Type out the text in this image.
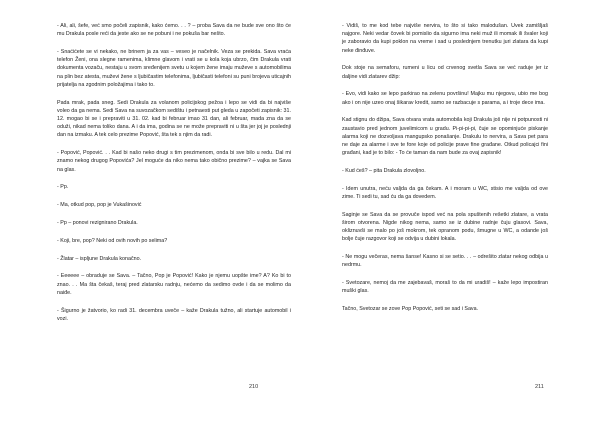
- Ali, ali, šefe, već smo počeli zapisnik, kako ćemo. . . ? – proba Sava da ne bude sve ono što će mu Drakula posle reći da jeste ako se ne pobuni i ne pokuša bar nešto.

- Snaćićete se vi nekako, ne brinem ja za vas – veseo je načelnik. Veza se prekida. Sava vraća telefon Ženi, ona slegne ramenima, klimne glavom i vrati se u kola koja ubrzo, čim Drakula vrati dokumenta vozaču, nestaju u svom sređenijem svetu u kojem žene imaju muževe s automobilima na plin bez atesta, muževi žene s ljubičastim telefonima, ljubičasti telefoni su puni brojeva uticajnih prijatelja na zgodnim položajima i tako to.

Pada mrak, pada sneg. Sedi Drakula za volanom policijskog pežoa i lepo se vidi da bi najviše voleo da ga nema. Sedi Sava na suvozačkom sedištu i petnaesti put gleda u započeti zapisnik: 31. 12. mogao bi se i prepraviti u 31. 02. kad bi februar imao 31 dan, ali februar, mada zna da se oduži, nikad nema toliko dana. A i da ima, godina se ne može prepraviti ni u šta jer joj je poslednji dan na izmaku. A tek celo prezime Popović, šta tek s njim da radi.

- Popović, Popović. . . Kad bi našo neko drugi s tim prezimenom, onda bi sve bilo u redu. Dal mi znamo nekog drugog Popovića? Jel moguće da niko nema tako obično prezime? – vajka se Sava na glas.

- Pp.

- Ma, otkud pop, pop je Vukašinović

- Pp – ponovi rezignirano Drakula.

- Koji, bre, pop? Neki od ovih novih po selima?

- Žlatar – ispljune Drakula konačno.

- Eeeeee – obraduje se Sava. – Tačno, Pop je Popović! Kako je njemu uopšte ime? A? Ko bi to znao. . . Ma šta čekaš, teraj pred zlatarsku radnju, nećemo da sedimo ovde i da se molimo da naiđe.

- Šigurno je žatvorio, ko radi 31. decembra uveče – kaže Drakula tužno, ali startuje automobil i vozi.

210

- Vidiš, to me kod tebe najviše nervira, to što si tako malodušan. Uvek zamišljaš najgore. Neki vedar čovek bi pomislio da sigurno ima neki muž ili momak ili švaler koji je zaboravio da kupi poklon na vreme i sad u poslednjem trenutku juri zlatara da kupi neke đinđuve.

Dok stoje na semaforu, rumeni u licu od crvenog svetla Sava se već raduje jer iz daljine vidi zlatarev džip:

- Evo, vidi kako se lepo parkirao na zelenu površinu! Majku mu njegovu, ubio me bog ako i on nije uzeo onaj šikarav kredit, samo se razbacuje s parama, a i troje dece ima.

Kad stignu do džipa, Sava otvara vrata automobila koji Drakula još nije ni potpunosti ni zaustavio pred jednom juvelimicom u gradu. Pi-pi-pi-pi, čuje se opominjuće piskanje alarma koji ne dozvoljava mangupsko ponašanje. Drakulu to nervira, a Sava pet para ne daje za alarme i sve te fore koje od policije prave fine građane. Otkud policajci fini građani, kad je to bilo: - To će taman da nam bude za ovaj zapisnik!

- Kud ćeš? – pita Drakula zlovoljno.

- Idem unutra, neću valjda da ga čekam. A i moram u WC, stisio me valjda od ove zime. Ti sedi tu, sad ću da ga dovedem.

Saginje se Sava da se provuče ispod već na pola spuštenih rešetki zlatare, a vrata širom otvorena. Nigde nikog nema, samo se iz dubine radnje čuju glasovi. Sava, okliznuvši se malo po još mokrom, tek opranom podu, šmugne u WC, a odande još bolje čuje razgovor koji se odvija u dubini lokala.

- Ne mogu večeras, nema šanse! Kasno si se setio. . . – odrešito zlatar nekog odbija u nedrmu.

- Svetozare, nemoj da me zajebavaš, moraš to da mi uradiš! – kaže lepo impostiran muški glas.

Tačno, Svetozar se zove Pop Popović, seti se sad i Sava.

211
